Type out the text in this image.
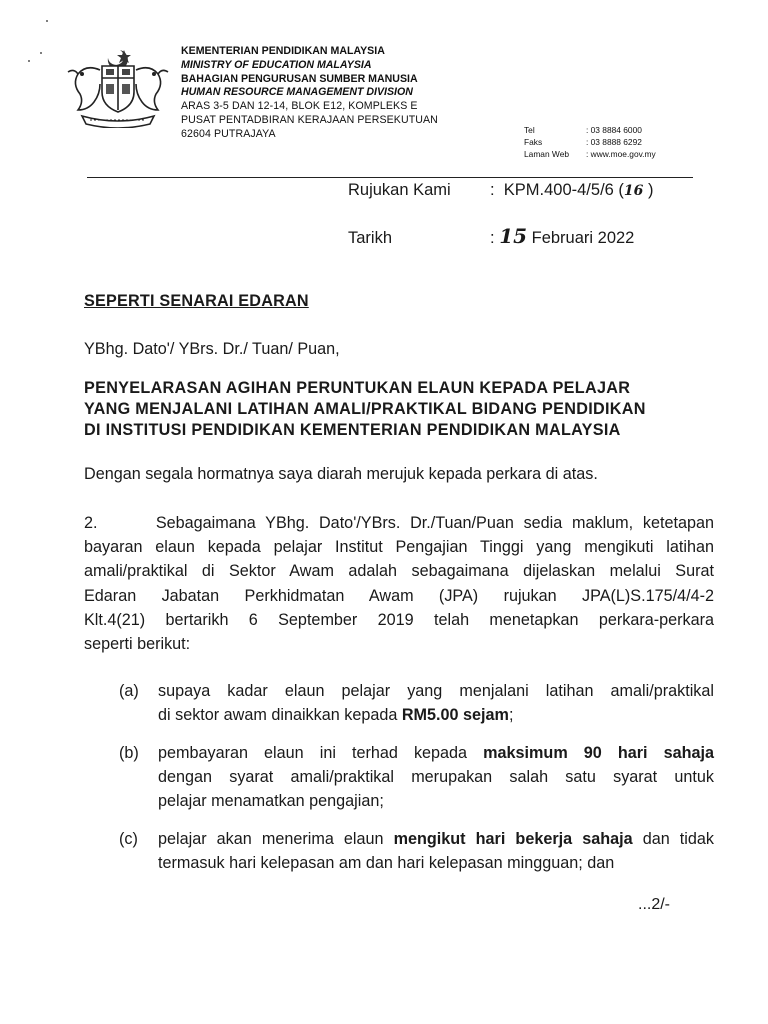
KEMENTERIAN PENDIDIKAN MALAYSIA
MINISTRY OF EDUCATION MALAYSIA
BAHAGIAN PENGURUSAN SUMBER MANUSIA
HUMAN RESOURCE MANAGEMENT DIVISION
ARAS 3-5 DAN 12-14, BLOK E12, KOMPLEKS E
PUSAT PENTADBIRAN KERAJAAN PERSEKUTUAN
62604 PUTRAJAYA	Tel	: 03 8884 6000
Faks	: 03 8888 6292
Laman Web	: www.moe.gov.my
Rujukan Kami : KPM.400-4/5/6 (16 )
Tarikh	: 15 Februari 2022
SEPERTI SENARAI EDARAN
YBhg. Dato'/ YBrs. Dr./ Tuan/ Puan,
PENYELARASAN AGIHAN PERUNTUKAN ELAUN KEPADA PELAJAR
YANG MENJALANI LATIHAN AMALI/PRAKTIKAL BIDANG PENDIDIKAN
DI INSTITUSI PENDIDIKAN KEMENTERIAN PENDIDIKAN MALAYSIA
Dengan segala hormatnya saya diarah merujuk kepada perkara di atas.
2.      Sebagaimana YBhg. Dato'/YBrs. Dr./Tuan/Puan sedia maklum, ketetapan
bayaran elaun kepada pelajar Institut Pengajian Tinggi yang mengikuti latihan
amali/praktikal di Sektor Awam adalah sebagaimana dijelaskan melalui Surat
Edaran Jabatan Perkhidmatan Awam (JPA) rujukan JPA(L)S.175/4/4-2
Klt.4(21) bertarikh 6 September 2019 telah menetapkan perkara-perkara
seperti berikut:
(a) supaya kadar elaun pelajar yang menjalani latihan amali/praktikal
di sektor awam dinaikkan kepada RM5.00 sejam;
(b) pembayaran elaun ini terhad kepada maksimum 90 hari sahaja
dengan syarat amali/praktikal merupakan salah satu syarat untuk
pelajar menamatkan pengajian;
(c) pelajar akan menerima elaun mengikut hari bekerja sahaja dan tidak
termasuk hari kelepasan am dan hari kelepasan mingguan; dan
...2/-
